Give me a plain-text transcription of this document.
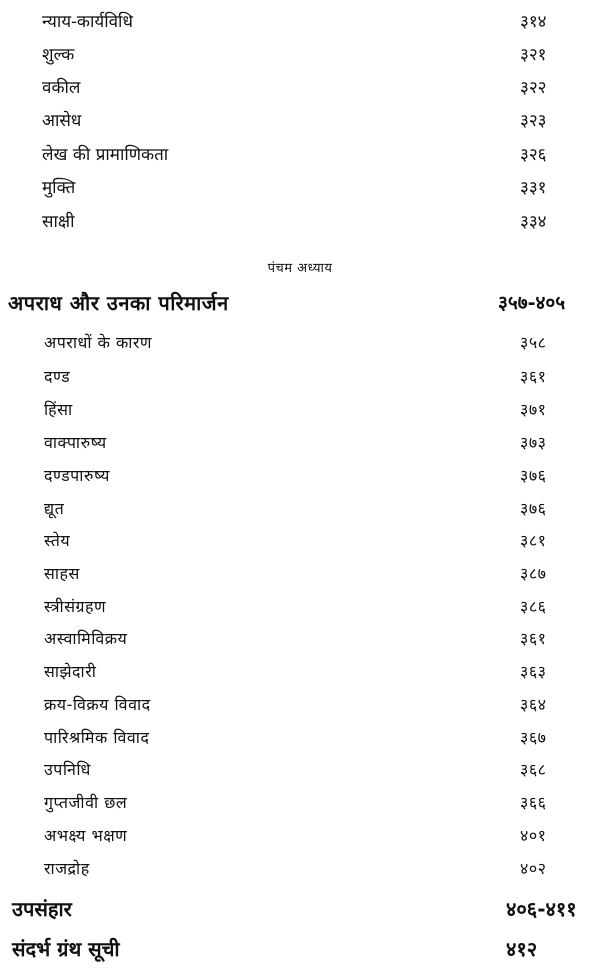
न्याय-कार्यविधि	३१४
शुल्क	३२१
वकील	३२२
आसेध	३२३
लेख की प्रामाणिकता	३२६
मुक्ति	३३१
साक्षी	३३४
पंचम अध्याय
अपराध और उनका परिमार्जन	३५७-४०५
अपराधों के कारण	३५८
दण्ड	३६१
हिंसा	३७१
वाक्पारुष्य	३७३
दण्डपारुष्य	३७६
द्यूत	३७६
स्तेय	३८१
साहस	३८७
स्त्रीसंग्रहण	३८६
अस्वामिविक्रय	३६१
साझेदारी	३६३
क्रय-विक्रय विवाद	३६४
पारिश्रमिक विवाद	३६७
उपनिधि	३६८
गुप्तजीवी छल	३६६
अभक्ष्य भक्षण	४०१
राजद्रोह	४०२
उपसंहार	४०६-४११
संदर्भ ग्रंथ सूची	४१२
